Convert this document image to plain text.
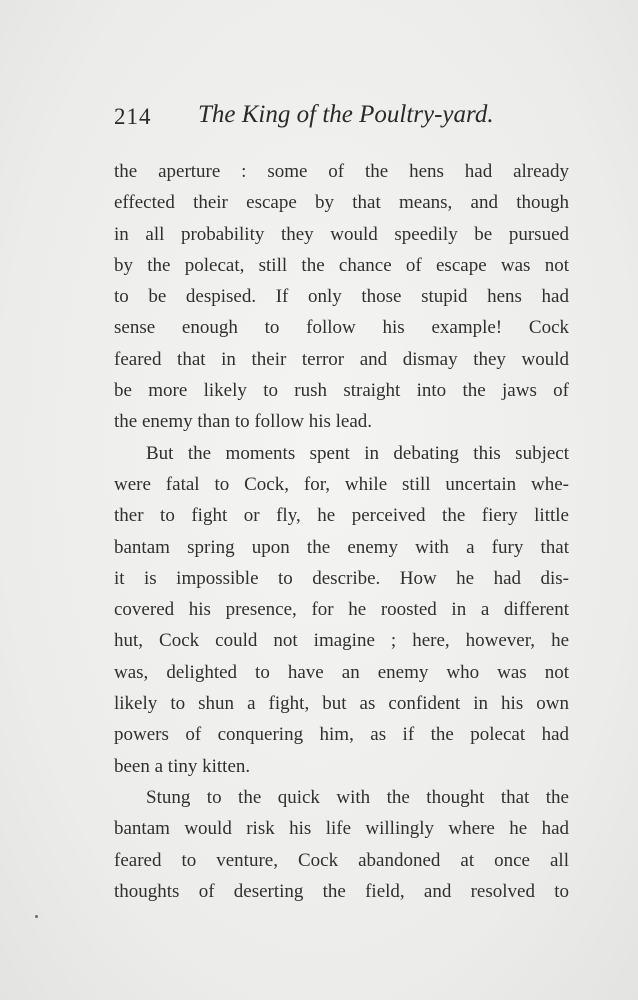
214 The King of the Poultry-yard.
the aperture : some of the hens had already
effected their escape by that means, and though
in all probability they would speedily be pursued
by the polecat, still the chance of escape was not
to be despised. If only those stupid hens had
sense enough to follow his example! Cock
feared that in their terror and dismay they would
be more likely to rush straight into the jaws of
the enemy than to follow his lead.
But the moments spent in debating this subject
were fatal to Cock, for, while still uncertain whe-
ther to fight or fly, he perceived the fiery little
bantam spring upon the enemy with a fury that
it is impossible to describe. How he had dis-
covered his presence, for he roosted in a different
hut, Cock could not imagine ; here, however, he
was, delighted to have an enemy who was not
likely to shun a fight, but as confident in his own
powers of conquering him, as if the polecat had
been a tiny kitten.
Stung to the quick with the thought that the
bantam would risk his life willingly where he had
feared to venture, Cock abandoned at once all
thoughts of deserting the field, and resolved to
